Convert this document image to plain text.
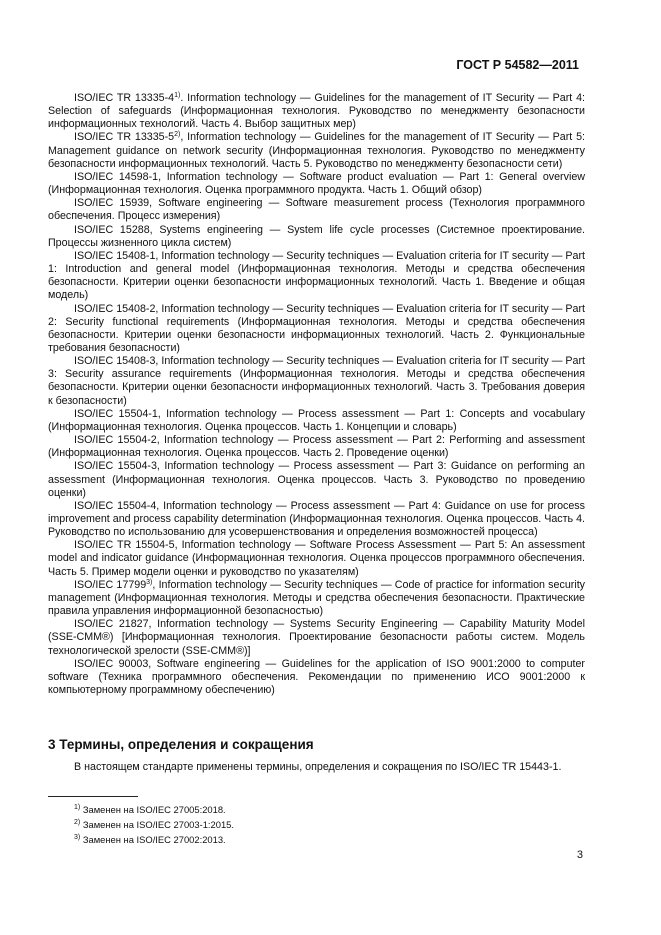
ГОСТ Р 54582—2011

ISO/IEC TR 13335-4$^{1)}$. Information technology — Guidelines for the management of IT Security — Part 4: Selection of safeguards (Информационная технология. Руководство по менеджменту безопасности информационных технологий. Часть 4. Выбор защитных мер)

ISO/IEC TR 13335-5$^{2)}$, Information technology — Guidelines for the management of IT Security — Part 5: Management guidance on network security (Информационная технология. Руководство по менеджменту безопасности информационных технологий. Часть 5. Руководство по менеджменту безопасности сети)

ISO/IEC 14598-1, Information technology — Software product evaluation — Part 1: General overview (Информационная технология. Оценка программного продукта. Часть 1. Общий обзор)

ISO/IEC 15939, Software engineering — Software measurement process (Технология программного обеспечения. Процесс измерения)

ISO/IEC 15288, Systems engineering — System life cycle processes (Системное проектирование. Процессы жизненного цикла систем)

ISO/IEC 15408-1, Information technology — Security techniques — Evaluation criteria for IT security — Part 1: Introduction and general model (Информационная технология. Методы и средства обеспечения безопасности. Критерии оценки безопасности информационных технологий. Часть 1. Введение и общая модель)

ISO/IEC 15408-2, Information technology — Security techniques — Evaluation criteria for IT security — Part 2: Security functional requirements (Информационная технология. Методы и средства обеспечения безопасности. Критерии оценки безопасности информационных технологий. Часть 2. Функциональные требования безопасности)

ISO/IEC 15408-3, Information technology — Security techniques — Evaluation criteria for IT security — Part 3: Security assurance requirements (Информационная технология. Методы и средства обеспечения безопасности. Критерии оценки безопасности информационных технологий. Часть 3. Требования доверия к безопасности)

ISO/IEC 15504-1, Information technology — Process assessment — Part 1: Concepts and vocabulary (Информационная технология. Оценка процессов. Часть 1. Концепции и словарь)

ISO/IEC 15504-2, Information technology — Process assessment — Part 2: Performing and assessment (Информационная технология. Оценка процессов. Часть 2. Проведение оценки)

ISO/IEC 15504-3, Information technology — Process assessment — Part 3: Guidance on performing an assessment (Информационная технология. Оценка процессов. Часть 3. Руководство по проведению оценки)

ISO/IEC 15504-4, Information technology — Process assessment — Part 4: Guidance on use for process improvement and process capability determination (Информационная технология. Оценка процессов. Часть 4. Руководство по использованию для усовершенствования и определения возможностей процесса)

ISO/IEC TR 15504-5, Information technology — Software Process Assessment — Part 5: An assessment model and indicator guidance (Информационная технология. Оценка процессов программного обеспечения. Часть 5. Пример модели оценки и руководство по указателям)

ISO/IEC 17799$^{3)}$, Information technology — Security techniques — Code of practice for information security management (Информационная технология. Методы и средства обеспечения безопасности. Практические правила управления информационной безопасностью)

ISO/IEC 21827, Information technology — Systems Security Engineering — Capability Maturity Model (SSE-CMM®) [Информационная технология. Проектирование безопасности работы систем. Модель технологической зрелости (SSE-CMM®)]

ISO/IEC 90003, Software engineering — Guidelines for the application of ISO 9001:2000 to computer software (Техника программного обеспечения. Рекомендации по применению ИСО 9001:2000 к компьютерному программному обеспечению)

3 Термины, определения и сокращения
В настоящем стандарте применены термины, определения и сокращения по ISO/IEC TR 15443-1.
$^{1)}$ Заменен на ISO/IEC 27005:2018.
$^{2)}$ Заменен на ISO/IEC 27003-1:2015.
$^{3)}$ Заменен на ISO/IEC 27002:2013.
3
